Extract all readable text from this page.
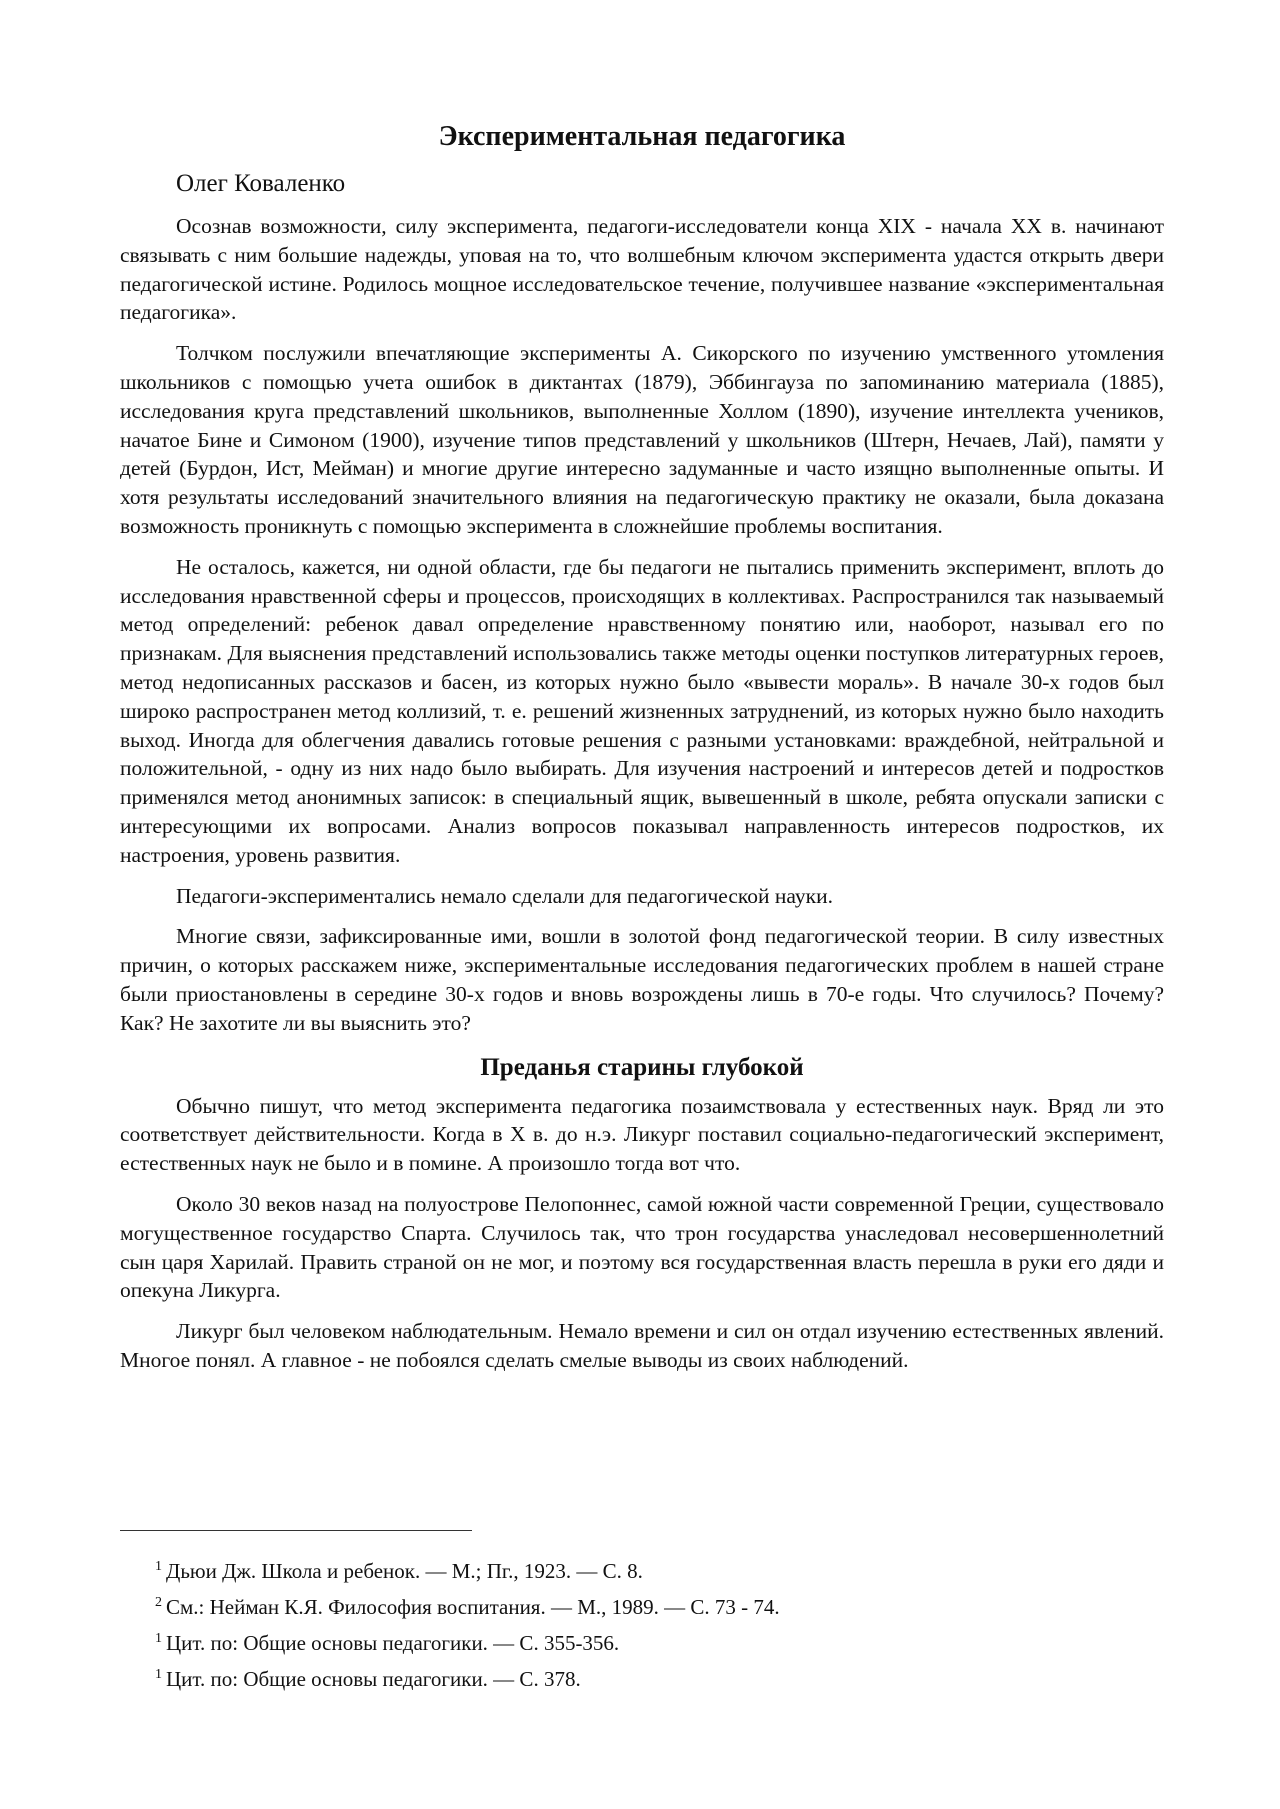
Экспериментальная педагогика
Олег Коваленко

Осознав возможности, силу эксперимента, педагоги-исследователи конца XIX - начала XX в. начинают связывать с ним большие надежды, уповая на то, что волшебным ключом эксперимента удастся открыть двери педагогической истине. Родилось мощное исследовательское течение, получившее название «экспериментальная педагогика».

Толчком послужили впечатляющие эксперименты А. Сикорского по изучению умственного утомления школьников с помощью учета ошибок в диктантах (1879), Эббингауза по запоминанию материала (1885), исследования круга представлений школьников, выполненные Холлом (1890), изучение интеллекта учеников, начатое Бине и Симоном (1900), изучение типов представлений у школьников (Штерн, Нечаев, Лай), памяти у детей (Бурдон, Ист, Мейман) и многие другие интересно задуманные и часто изящно выполненные опыты. И хотя результаты исследований значительного влияния на педагогическую практику не оказали, была доказана возможность проникнуть с помощью эксперимента в сложнейшие проблемы воспитания.

Не осталось, кажется, ни одной области, где бы педагоги не пытались применить эксперимент, вплоть до исследования нравственной сферы и процессов, происходящих в коллективах. Распространился так называемый метод определений: ребенок давал определение нравственному понятию или, наоборот, называл его по признакам. Для выяснения представлений использовались также методы оценки поступков литературных героев, метод недописанных рассказов и басен, из которых нужно было «вывести мораль». В начале 30-х годов был широко распространен метод коллизий, т. е. решений жизненных затруднений, из которых нужно было находить выход. Иногда для облегчения давались готовые решения с разными установками: враждебной, нейтральной и положительной, - одну из них надо было выбирать. Для изучения настроений и интересов детей и подростков применялся метод анонимных записок: в специальный ящик, вывешенный в школе, ребята опускали записки с интересующими их вопросами. Анализ вопросов показывал направленность интересов подростков, их настроения, уровень развития.

Педагоги-экспериментались немало сделали для педагогической науки.

Многие связи, зафиксированные ими, вошли в золотой фонд педагогической теории. В силу известных причин, о которых расскажем ниже, экспериментальные исследования педагогических проблем в нашей стране были приостановлены в середине 30-х годов и вновь возрождены лишь в 70-е годы. Что случилось? Почему? Как? Не захотите ли вы выяснить это?

Преданья старины глубокой

Обычно пишут, что метод эксперимента педагогика позаимствовала у естественных наук. Вряд ли это соответствует действительности. Когда в X в. до н.э. Ликург поставил социально-педагогический эксперимент, естественных наук не было и в помине. А произошло тогда вот что.

Около 30 веков назад на полуострове Пелопоннес, самой южной части современной Греции, существовало могущественное государство Спарта. Случилось так, что трон государства унаследовал несовершеннолетний сын царя Харилай. Править страной он не мог, и поэтому вся государственная власть перешла в руки его дяди и опекуна Ликурга.

Ликург был человеком наблюдательным. Немало времени и сил он отдал изучению естественных явлений. Многое понял. А главное - не побоялся сделать смелые выводы из своих наблюдений.

$^1$ Дьюи Дж. Школа и ребенок. — М.; Пг., 1923. — С. 8.
$^2$ См.: Нейман К.Я. Философия воспитания. — М., 1989. — С. 73 - 74.
$^1$ Цит. по: Общие основы педагогики. — С. 355-356.
$^1$ Цит. по: Общие основы педагогики. — С. 378.
